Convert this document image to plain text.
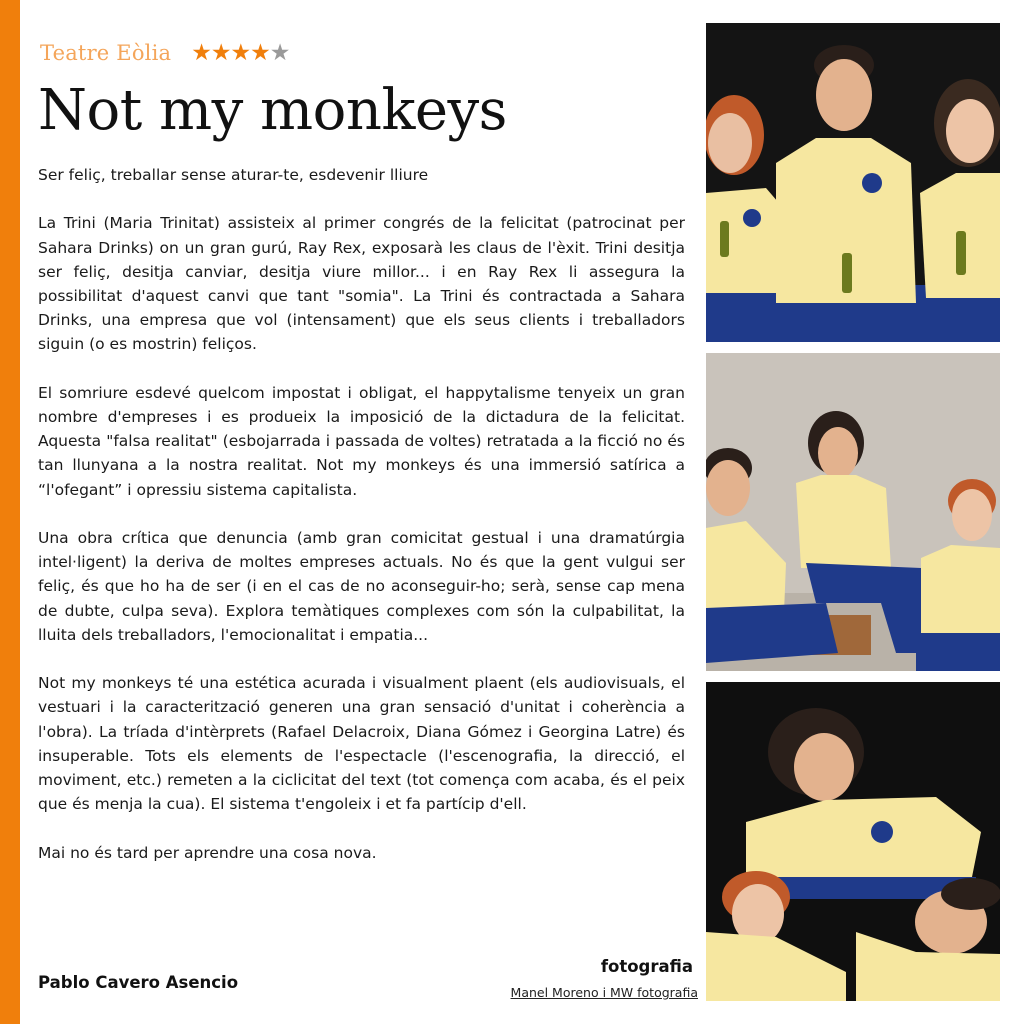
Teatre Eòlia ★★★★★
Not my monkeys

Ser feliç, treballar sense aturar-te, esdevenir lliure

La Trini (Maria Trinitat) assisteix al primer congrés de la felicitat (patrocinat per Sahara Drinks) on un gran gurú, Ray Rex, exposarà les claus de l'èxit. Trini desitja ser feliç, desitja canviar, desitja viure millor... i en Ray Rex li assegura la possibilitat d'aquest canvi que tant "somia". La Trini és contractada a Sahara Drinks, una empresa que vol (intensament) que els seus clients i treballadors siguin (o es mostrin) feliços.

El somriure esdevé quelcom impostat i obligat, el happytalisme tenyeix un gran nombre d'empreses i es produeix la imposició de la dictadura de la felicitat. Aquesta "falsa realitat" (esbojarrada i passada de voltes) retratada a la ficció no és tan llunyana a la nostra realitat. Not my monkeys és una immersió satírica a “l'ofegant” i opressiu sistema capitalista.

Una obra crítica que denuncia (amb gran comicitat gestual i una dramatúrgia intel·ligent) la deriva de moltes empreses actuals. No és que la gent vulgui ser feliç, és que ho ha de ser (i en el cas de no aconseguir-ho; serà, sense cap mena de dubte, culpa seva). Explora temàtiques complexes com són la culpabilitat, la lluita dels treballadors, l'emocionalitat i empatia...

Not my monkeys té una estética acurada i visualment plaent (els audiovisuals, el vestuari i la caracterització generen una gran sensació d'unitat i coherència a l'obra). La tríada d'intèrprets (Rafael Delacroix, Diana Gómez i Georgina Latre) és insuperable. Tots els elements de l'espectacle (l'escenografia, la direcció, el moviment, etc.) remeten a la ciclicitat del text (tot comença com acaba, és el peix que és menja la cua). El sistema t'engoleix i et fa partícip d'ell.

Mai no és tard per aprendre una cosa nova.

Pablo Cavero Asencio
fotografia
Manel Moreno i MW fotografia
